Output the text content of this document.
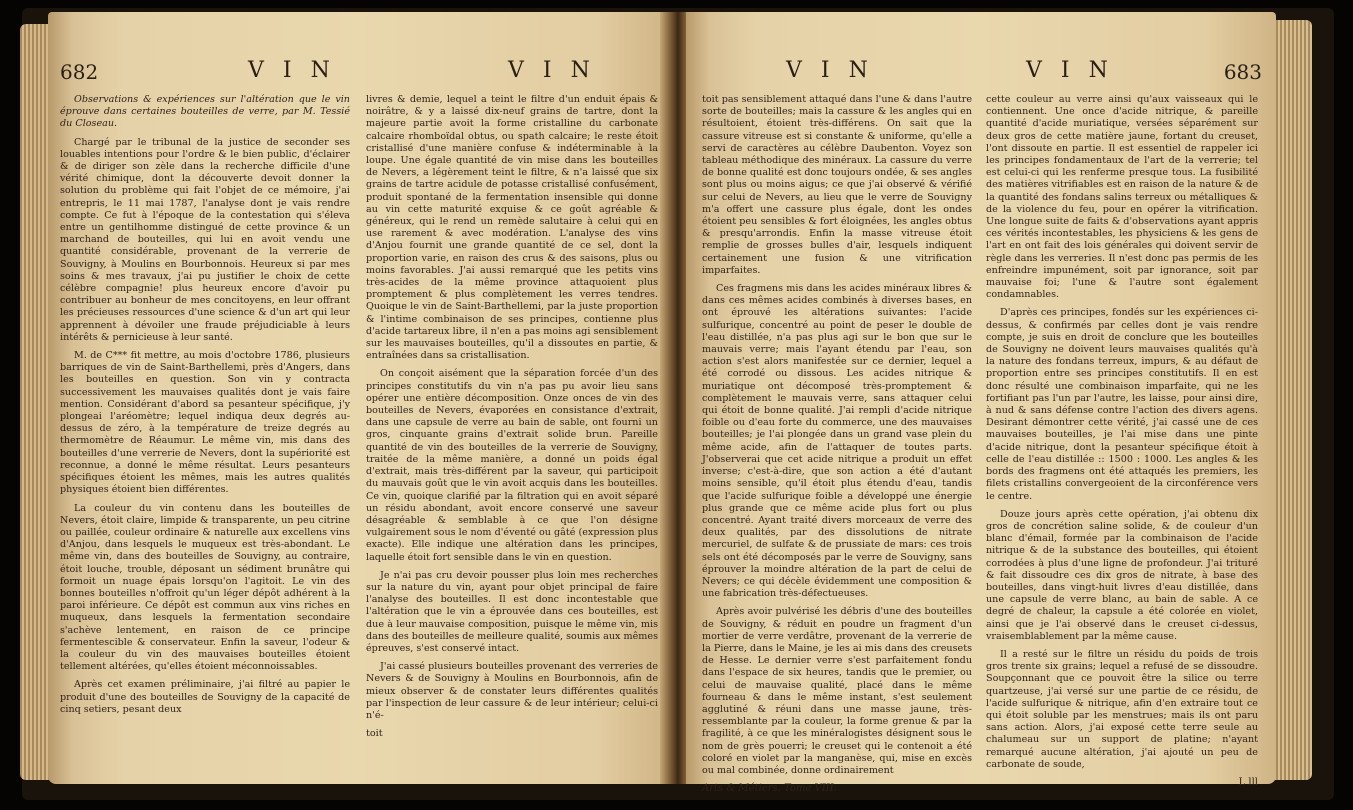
682	V I N	V I N

Observations & expériences sur l'altération que le vin éprouve dans certaines bouteilles de verre, par M. Tessié du Closeau.

Chargé par le tribunal de la justice de seconder ses louables intentions pour l'ordre & le bien public, d'éclairer & de diriger son zèle dans la recherche difficile d'une vérité chimique, dont la découverte devoit donner la solution du problème qui fait l'objet de ce mémoire, j'ai entrepris, le 11 mai 1787, l'analyse dont je vais rendre compte. Ce fut à l'époque de la contestation qui s'éleva entre un gentilhomme distingué de cette province & un marchand de bouteilles, qui lui en avoit vendu une quantité considérable, provenant de la verrerie de Souvigny, à Moulins en Bourbonnois. Heureux si par mes soins & mes travaux, j'ai pu justifier le choix de cette célèbre compagnie! plus heureux encore d'avoir pu contribuer au bonheur de mes concitoyens, en leur offrant les précieuses ressources d'une science & d'un art qui leur apprennent à dévoiler une fraude préjudiciable à leurs intérêts & pernicieuse à leur santé.

M. de C*** fit mettre, au mois d'octobre 1786, plusieurs barriques de vin de Saint-Barthellemi, près d'Angers, dans les bouteilles en question. Son vin y contracta successivement les mauvaises qualités dont je vais faire mention. Considérant d'abord sa pesanteur spécifique, j'y plongeai l'aréomètre; lequel indiqua deux degrés au-dessus de zéro, à la température de treize degrés au thermomètre de Réaumur. Le même vin, mis dans des bouteilles d'une verrerie de Nevers, dont la supériorité est reconnue, a donné le même résultat. Leurs pesanteurs spécifiques étoient les mêmes, mais les autres qualités physiques étoient bien différentes.

La couleur du vin contenu dans les bouteilles de Nevers, étoit claire, limpide & transparente, un peu citrine ou paillée, couleur ordinaire & naturelle aux excellens vins d'Anjou, dans lesquels le muqueux est très-abondant. Le même vin, dans des bouteilles de Souvigny, au contraire, étoit louche, trouble, déposant un sédiment brunâtre qui formoit un nuage épais lorsqu'on l'agitoit. Le vin des bonnes bouteilles n'offroit qu'un léger dépôt adhérent à la paroi inférieure. Ce dépôt est commun aux vins riches en muqueux, dans lesquels la fermentation secondaire s'achève lentement, en raison de ce principe fermentescible & conservateur. Enfin la saveur, l'odeur & la couleur du vin des mauvaises bouteilles étoient tellement altérées, qu'elles étoient méconnoissables.

Après cet examen préliminaire, j'ai filtré au papier le produit d'une des bouteilles de Souvigny de la capacité de cinq setiers, pesant deux

livres & demie, lequel a teint le filtre d'un enduit épais & noirâtre, & y a laissé dix-neuf grains de tartre, dont la majeure partie avoit la forme cristalline du carbonate calcaire rhomboïdal obtus, ou spath calcaire; le reste étoit cristallisé d'une manière confuse & indéterminable à la loupe. Une égale quantité de vin mise dans les bouteilles de Nevers, a légèrement teint le filtre, & n'a laissé que six grains de tartre acidule de potasse cristallisé confusément, produit spontané de la fermentation insensible qui donne au vin cette maturité exquise & ce goût agréable & généreux, qui le rend un remède salutaire à celui qui en use rarement & avec modération. L'analyse des vins d'Anjou fournit une grande quantité de ce sel, dont la proportion varie, en raison des crus & des saisons, plus ou moins favorables. J'ai aussi remarqué que les petits vins très-acides de la même province attaquoient plus promptement & plus complètement les verres tendres. Quoique le vin de Saint-Barthellemi, par la juste proportion & l'intime combinaison de ses principes, contienne plus d'acide tartareux libre, il n'en a pas moins agi sensiblement sur les mauvaises bouteilles, qu'il a dissoutes en partie, & entraînées dans sa cristallisation.

On conçoit aisément que la séparation forcée d'un des principes constitutifs du vin n'a pas pu avoir lieu sans opérer une entière décomposition. Onze onces de vin des bouteilles de Nevers, évaporées en consistance d'extrait, dans une capsule de verre au bain de sable, ont fourni un gros, cinquante grains d'extrait solide brun. Pareille quantité de vin des bouteilles de la verrerie de Souvigny, traitée de la même manière, a donné un poids égal d'extrait, mais très-différent par la saveur, qui participoit du mauvais goût que le vin avoit acquis dans les bouteilles. Ce vin, quoique clarifié par la filtration qui en avoit séparé un résidu abondant, avoit encore conservé une saveur désagréable & semblable à ce que l'on désigne vulgairement sous le nom d'éventé ou gâté (expression plus exacte). Elle indique une altération dans les principes, laquelle étoit fort sensible dans le vin en question.

Je n'ai pas cru devoir pousser plus loin mes recherches sur la nature du vin, ayant pour objet principal de faire l'analyse des bouteilles. Il est donc incontestable que l'altération que le vin a éprouvée dans ces bouteilles, est due à leur mauvaise composition, puisque le même vin, mis dans des bouteilles de meilleure qualité, soumis aux mêmes épreuves, s'est conservé intact.

J'ai cassé plusieurs bouteilles provenant des verreries de Nevers & de Souvigny à Moulins en Bourbonnois, afin de mieux observer & de constater leurs différentes qualités par l'inspection de leur cassure & de leur intérieur; celui-ci n'é-

toit

V I N	V I N	683

toit pas sensiblement attaqué dans l'une & dans l'autre sorte de bouteilles; mais la cassure & les angles qui en résultoient, étoient très-différens. On sait que la cassure vitreuse est si constante & uniforme, qu'elle a servi de caractères au célèbre Daubenton. Voyez son tableau méthodique des minéraux. La cassure du verre de bonne qualité est donc toujours ondée, & ses angles sont plus ou moins aigus; ce que j'ai observé & vérifié sur celui de Nevers, au lieu que le verre de Souvigny m'a offert une cassure plus égale, dont les ondes étoient peu sensibles & fort éloignées, les angles obtus & presqu'arrondis. Enfin la masse vitreuse étoit remplie de grosses bulles d'air, lesquels indiquent certainement une fusion & une vitrification imparfaites.

Ces fragmens mis dans les acides minéraux libres & dans ces mêmes acides combinés à diverses bases, en ont éprouvé les altérations suivantes: l'acide sulfurique, concentré au point de peser le double de l'eau distillée, n'a pas plus agi sur le bon que sur le mauvais verre; mais l'ayant étendu par l'eau, son action s'est alors manifestée sur ce dernier, lequel a été corrodé ou dissous. Les acides nitrique & muriatique ont décomposé très-promptement & complètement le mauvais verre, sans attaquer celui qui étoit de bonne qualité. J'ai rempli d'acide nitrique foible ou d'eau forte du commerce, une des mauvaises bouteilles; je l'ai plongée dans un grand vase plein du même acide, afin de l'attaquer de toutes parts. J'observerai que cet acide nitrique a produit un effet inverse; c'est-à-dire, que son action a été d'autant moins sensible, qu'il étoit plus étendu d'eau, tandis que l'acide sulfurique foible a développé une énergie plus grande que ce même acide plus fort ou plus concentré. Ayant traité divers morceaux de verre des deux qualités, par des dissolutions de nitrate mercuriel, de sulfate & de prussiate de mars: ces trois sels ont été décomposés par le verre de Souvigny, sans éprouver la moindre altération de la part de celui de Nevers; ce qui décèle évidemment une composition & une fabrication très-défectueuses.

Après avoir pulvérisé les débris d'une des bouteilles de Souvigny, & réduit en poudre un fragment d'un mortier de verre verdâtre, provenant de la verrerie de la Pierre, dans le Maine, je les ai mis dans des creusets de Hesse. Le dernier verre s'est parfaitement fondu dans l'espace de six heures, tandis que le premier, ou celui de mauvaise qualité, placé dans le même fourneau & dans le même instant, s'est seulement agglutiné & réuni dans une masse jaune, très-ressemblante par la couleur, la forme grenue & par la fragilité, à ce que les minéralogistes désignent sous le nom de grès pouerri; le creuset qui le contenoit a été coloré en violet par la manganèse, qui, mise en excès ou mal combinée, donne ordinairement

Arts & Métiers. Tome VIII.

cette couleur au verre ainsi qu'aux vaisseaux qui le contiennent. Une once d'acide nitrique, & pareille quantité d'acide muriatique, versées séparément sur deux gros de cette matière jaune, fortant du creuset, l'ont dissoute en partie. Il est essentiel de rappeler ici les principes fondamentaux de l'art de la verrerie; tel est celui-ci qui les renferme presque tous. La fusibilité des matières vitrifiables est en raison de la nature & de la quantité des fondans salins terreux ou métalliques & de la violence du feu, pour en opérer la vitrification. Une longue suite de faits & d'observations ayant appris ces vérités incontestables, les physiciens & les gens de l'art en ont fait des lois générales qui doivent servir de règle dans les verreries. Il n'est donc pas permis de les enfreindre impunément, soit par ignorance, soit par mauvaise foi; l'une & l'autre sont également condamnables.

D'après ces principes, fondés sur les expériences ci-dessus, & confirmés par celles dont je vais rendre compte, je suis en droit de conclure que les bouteilles de Souvigny ne doivent leurs mauvaises qualités qu'à la nature des fondans terreux, impurs, & au défaut de proportion entre ses principes constitutifs. Il en est donc résulté une combinaison imparfaite, qui ne les fortifiant pas l'un par l'autre, les laisse, pour ainsi dire, à nud & sans défense contre l'action des divers agens. Desirant démontrer cette vérité, j'ai cassé une de ces mauvaises bouteilles, je l'ai mise dans une pinte d'acide nitrique, dont la pesanteur spécifique étoit à celle de l'eau distillée :: 1500 : 1000. Les angles & les bords des fragmens ont été attaqués les premiers, les filets cristallins convergeoient de la circonférence vers le centre.

Douze jours après cette opération, j'ai obtenu dix gros de concrétion saline solide, & de couleur d'un blanc d'émail, formée par la combinaison de l'acide nitrique & de la substance des bouteilles, qui étoient corrodées à plus d'une ligne de profondeur. J'ai trituré & fait dissoudre ces dix gros de nitrate, à base des bouteilles, dans vingt-huit livres d'eau distillée, dans une capsule de verre blanc, au bain de sable. A ce degré de chaleur, la capsule a été colorée en violet, ainsi que je l'ai observé dans le creuset ci-dessus, vraisemblablement par la même cause.

Il a resté sur le filtre un résidu du poids de trois gros trente six grains; lequel a refusé de se dissoudre. Soupçonnant que ce pouvoit être la silice ou terre quartzeuse, j'ai versé sur une partie de ce résidu, de l'acide sulfurique & nitrique, afin d'en extraire tout ce qui étoit soluble par les menstrues; mais ils ont paru sans action. Alors, j'ai exposé cette terre seule au chalumeau sur un support de platine; n'ayant remarqué aucune altération, j'ai ajouté un peu de carbonate de soude,

L lll
